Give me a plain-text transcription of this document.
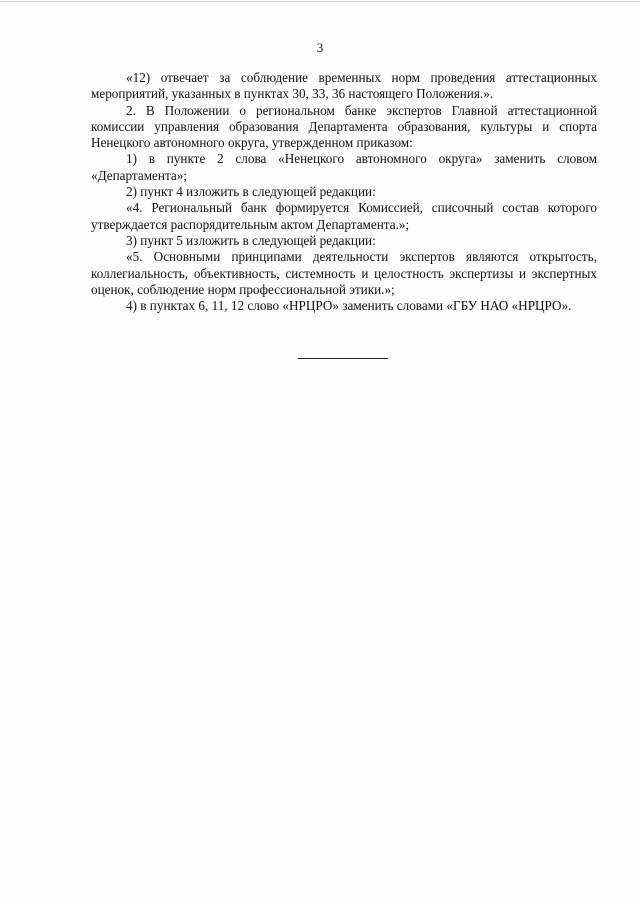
3

«12) отвечает за соблюдение временных норм проведения аттестационных мероприятий, указанных в пунктах 30, 33, 36 настоящего Положения.».

2. В Положении о региональном банке экспертов Главной аттестационной комиссии управления образования Департамента образования, культуры и спорта Ненецкого автономного округа, утвержденном приказом:

1) в пункте 2 слова «Ненецкого автономного округа» заменить словом «Департамента»;

2) пункт 4 изложить в следующей редакции:

«4. Региональный банк формируется Комиссией, списочный состав которого утверждается распорядительным актом Департамента.»;

3) пункт 5 изложить в следующей редакции:

«5. Основными принципами деятельности экспертов являются открытость, коллегиальность, объективность, системность и целостность экспертизы и экспертных оценок, соблюдение норм профессиональной этики.»;

4) в пунктах 6, 11, 12 слово «НРЦРО» заменить словами «ГБУ НАО «НРЦРО».
